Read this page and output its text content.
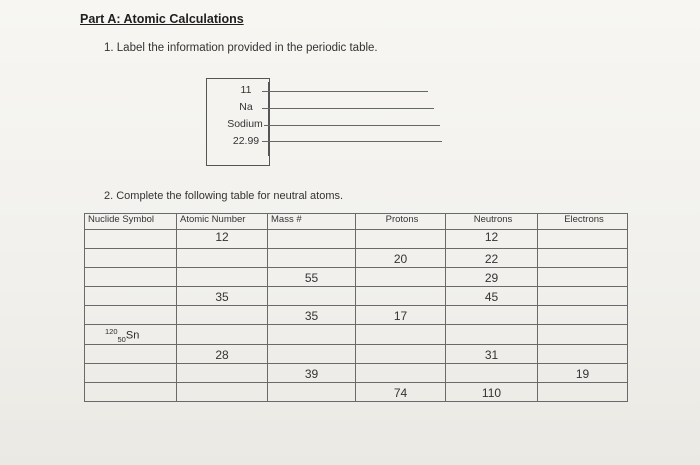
Part A: Atomic Calculations
1. Label the information provided in the periodic table.
11
Na
Sodium
22.99
2. Complete the following table for neutral atoms.
Nuclide Symbol	Atomic Number	Mass #	Protons	Neutrons	Electrons

	12			12	

			20	22	

		55		29	

	35			45	

		35	17		

$^{120}_{50}$Sn					

	28			31	

		39			19

			74	110	
